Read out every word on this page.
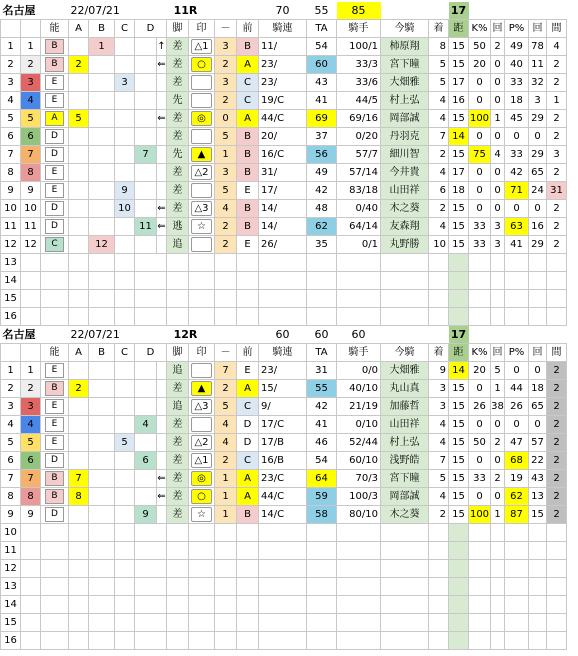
名古屋			22/07/21				11R					70	55	85			17					
		能	A	B	C	D		脚	印	－	前	騎連	TA	騎手	今騎	着	距	K%	回	P%	回	間
1	1	B		1			↑	差	△1	3	B	11/	54	100/1	柿原翔	8	15	50	2	49	78	4
2	2	B	2				⇐	差	○	2	A	23/	60	33/3	宮下瞳	5	15	20	0	40	11	2
3	3	E			3			差		3	C	23/	43	33/6	大畑雅	5	17	0	0	33	32	2
4	4	E						先		2	C	19/C	41	44/5	村上弘	4	16	0	0	18	3	1
5	5	A	5				⇐	差	◎	0	A	44/C	69	69/16	岡部誠	4	15	100	1	45	29	2
6	6	D						差		5	B	20/	37	0/20	丹羽克	7	14	0	0	0	0	2
7	7	D				7		先	▲	1	B	16/C	56	57/7	細川智	2	15	75	4	33	29	3
8	8	E						差	△2	3	B	31/	49	57/14	今井貴	4	17	0	0	42	65	2
9	9	E			9			差		5	E	17/	42	83/18	山田祥	6	18	0	0	71	24	31
10	10	D			10		⇐	差	△3	4	B	14/	48	0/40	木之葵	2	15	0	0	0	0	2
11	11	D				11	⇐	逃	☆	2	B	14/	62	64/14	友森翔	4	15	33	3	63	16	2
12	12	C		12				追		2	E	26/	35	0/1	丸野勝	10	15	33	3	41	29	2
13																						
14																						
15																						
16																						
名古屋			22/07/21				12R					60	60	60			17					
		能	A	B	C	D		脚	印	－	前	騎連	TA	騎手	今騎	着	距	K%	回	P%	回	間
1	1	E						追		7	E	23/	31	0/0	大畑雅	9	14	20	5	0	0	2
2	2	B	2					差	▲	2	A	15/	55	40/10	丸山真	3	15	0	1	44	18	2
3	3	E						追	△3	5	C	9/	42	21/19	加藤哲	3	15	26	38	26	65	2
4	4	E				4		差		4	D	17/C	41	0/10	山田祥	4	15	0	0	0	0	2
5	5	E			5			差	△2	4	D	17/B	46	52/44	村上弘	4	15	50	2	47	57	2
6	6	D				6		差	△1	2	C	16/B	54	60/10	浅野皓	7	15	0	0	68	22	2
7	7	B	7				⇐	差	◎	1	A	23/C	64	70/3	宮下瞳	5	15	33	2	19	43	2
8	8	B	8				⇐	差	○	1	A	44/C	59	100/3	岡部誠	4	15	0	0	62	13	2
9	9	D				9		差	☆	1	B	14/C	58	80/10	木之葵	2	15	100	1	87	15	2
10																						
11																						
12																						
13																						
14																						
15																						
16																						
